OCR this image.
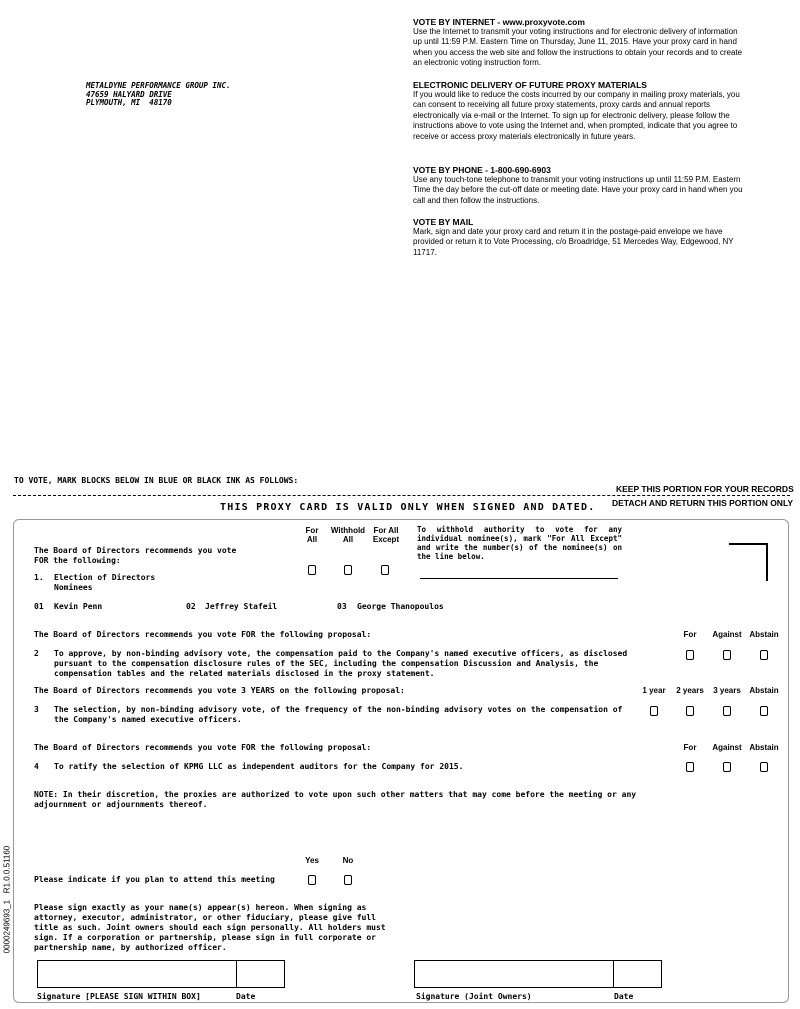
METALDYNE PERFORMANCE GROUP INC.
47659 HALYARD DRIVE
PLYMOUTH, MI  48170
VOTE BY INTERNET - www.proxyvote.com
Use the Internet to transmit your voting instructions and for electronic delivery of information up until 11:59 P.M. Eastern Time on Thursday, June 11, 2015. Have your proxy card in hand when you access the web site and follow the instructions to obtain your records and to create an electronic voting instruction form.
ELECTRONIC DELIVERY OF FUTURE PROXY MATERIALS
If you would like to reduce the costs incurred by our company in mailing proxy materials, you can consent to receiving all future proxy statements, proxy cards and annual reports electronically via e-mail or the Internet. To sign up for electronic delivery, please follow the instructions above to vote using the Internet and, when prompted, indicate that you agree to receive or access proxy materials electronically in future years.
VOTE BY PHONE - 1-800-690-6903
Use any touch-tone telephone to transmit your voting instructions up until 11:59 P.M. Eastern Time the day before the cut-off date or meeting date. Have your proxy card in hand when you call and then follow the instructions.
VOTE BY MAIL
Mark, sign and date your proxy card and return it in the postage-paid envelope we have provided or return it to Vote Processing, c/o Broadridge, 51 Mercedes Way, Edgewood, NY 11717.
TO VOTE, MARK BLOCKS BELOW IN BLUE OR BLACK INK AS FOLLOWS:
KEEP THIS PORTION FOR YOUR RECORDS
THIS PROXY CARD IS VALID ONLY WHEN SIGNED AND DATED. DETACH AND RETURN THIS PORTION ONLY
The Board of Directors recommends you vote FOR the following:
For All
Withhold All
For All Except
To withhold authority to vote for any individual nominee(s), mark "For All Except" and write the number(s) of the nominee(s) on the line below.
1. Election of Directors
Nominees
01 Kevin Penn	02 Jeffrey Stafeil	03 George Thanopoulos
The Board of Directors recommends you vote FOR the following proposal:	For	Against Abstain
2 To approve, by non-binding advisory vote, the compensation paid to the Company's named executive officers, as disclosed pursuant to the compensation disclosure rules of the SEC, including the compensation Discussion and Analysis, the compensation tables and the related materials disclosed in the proxy statement.
The Board of Directors recommends you vote 3 YEARS on the following proposal:	1 year	2 years	3 years	Abstain
3 The selection, by non-binding advisory vote, of the frequency of the non-binding advisory votes on the compensation of the Company's named executive officers.
The Board of Directors recommends you vote FOR the following proposal:	For	Against Abstain
4 To ratify the selection of KPMG LLC as independent auditors for the Company for 2015.
NOTE: In their discretion, the proxies are authorized to vote upon such other matters that may come before the meeting or any adjournment or adjournments thereof.
Yes	No
Please indicate if you plan to attend this meeting
Please sign exactly as your name(s) appear(s) hereon. When signing as attorney, executor, administrator, or other fiduciary, please give full title as such. Joint owners should each sign personally. All holders must sign. If a corporation or partnership, please sign in full corporate or partnership name, by authorized officer.
Signature [PLEASE SIGN WITHIN BOX]	Date	Signature (Joint Owners)	Date
0000249693_1   R1.0.0.51160
